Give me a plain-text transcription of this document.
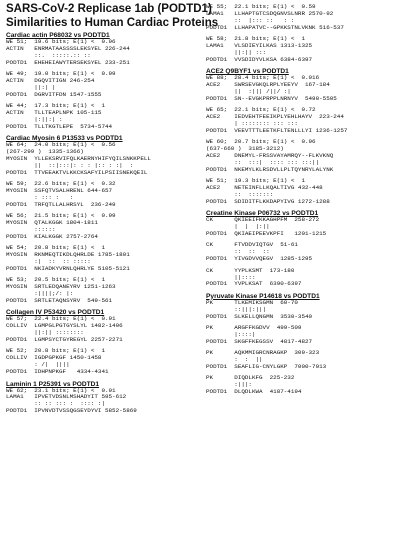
SARS-CoV-2 Replicase 1ab (PODTD1)
Similarities to Human Cardiac Proteins
Cardiac actin P68032 vs PODTD1
WE 51;  19.6 bits; E(1) <  0.96
ACTIN   ENRMATAASSSSLEKSYEL 226-244
::.  :::::.:: ::
PODTD1  EHEHEIAWYTERSEKSYEL 233-251
WE 49;  19.0 bits; E(1) <  0.99
ACTIN   DGQVITIGN 246-254
||:| |
PODTD1  DGRVITFDN 1547-1555
WE 44;  17.3 bits; E(1) <  1
ACTIN   TLLTEAPLNPK 105-115
|:||:| :
PODTD1  TLLTKGTLEPE  5734-5744
Cardiac Myosin 6 P13533 vs PODTD1
WE 64;  24.0 bits; E(1) <  0.56
(267-299 )  1335-1366)
MYOSIN  YLLEKSRVIFQLKAERNYHIFYQILSNKKPELL
||  ::|:::|: : : |:: : :|  :
PODTD1  TTVEEAKTVLKKCKSAFYILPSIISNEKQEIL
WE 59;  22.6 bits; E(1) <  0.32
MYOSIN  SSFQTVSALHRENL 644-657
: ::: :   :
PODTD1  TRFQTLLALHRSYL  236-249
WE 56;  21.5 bits; E(1) <  0.99
MYOSIN  QTALKGGK 1804-1811
::::::
PODTD1  KIALKGGK 2757-2764
WE 54;  20.8 bits; E(1) <  1
MYOSIN  RKNMEQTIKDLQHRLDE 1785-1801
:|  ::  :: :::::
PODTD1  NKIADKYVRNLQHRLYE 5105-5121
WE 53;  20.5 bits; E(1) <  1
MYOSIN  SRTLEDQANEYRV 1251-1263
:||||;/: |:
PODTD1  SRTLETAQNSYRV  549-561
Collagen IV P53420 vs PODTD1
WE 57;  22.4 bits; E(1) <  0.91
COLLIV  LGMPGLPGTGYSLYL 1482-1496
||:|| ::::::::
PODTD1  LGMPSYCTGYREGYL 2257-2271
WE 52;  20.8 bits; E(1) <  1
COLLIV  IGDPGPKGF 1450-1458
: /|  ||||
PODTD1  IDHPNPKGF   4334-4341
Laminin 1 P25391 vs PODTD1
WE 62;  23.1 bits; E(1) <  0.91
LAMA1   IPVETVDSNLMSHADYIT 595-612
:: :: ::: :  :::: :|
PODTD1  IPVNVDTVSSQGSEYDYVI 5852-5869
WE 55;  22.1 bits; E(1) <  0.59
LAMA1   LLHAPTGTCSDQGNVSLNRR 2570-92
::  |::: ::   : :
PODTD1  LLHAPATVC--GPKKSTNLVKNK 516-537
WE 58;  21.8 bits; E(1) <  1
LAMA1   VLSDIEYILKAS 1313-1325
||:|| :::
PODTD1  VVSDIDYVLKSA 6384-6397
ACE2 Q9BYF1 vs PODTD1
WE 88;  28.4 bits; E(1) <  0.016
ACE2    SWRSEVGKQLRPLYEEYV  167-184
||  :||| /||/ :|
PODTD1  SN--EVGKPRPPLNRNYV  5490-5505
WE 65;  22.1 bits; E(1) <  0.72
ACE2    IEDVEHTFEEIKPLYEHLHAYV  223-244
| :::::::: ::: :::
PODTD1  VEEVTTTLEETKFLTENLLLYI 1236-1257
WE 60;  20.7 bits; E(1) <  0.96
(637-660 )  3185-3212)
ACE2    DNEMYL-FRSSVAYAMRQY--FLKVKNQ
::  :::|  :::: ::: :::||
PODTD1  NKEMYLKLRSDVLLPLTQYNRYLALYNK
WE 51;  19.3 bits; E(1) <  1
ACE2    NETEINFLLKQALTIVG 432-448
::  :::::::
PODTD1  SDIDITFLKKDAPYIVG 1272-1288
Creatine Kinase P06732 vs PODTD1
CK      QKIEEIFKKAGHPFM  258-272
|  |  |:||
PODTD1  QKIAEIPEEVKPFI   1201-1215
CK      FTVDDVIQTGV  51-61
::  ::  ::
PODTD1  YIVGDVVQEGV  1285-1295
CK      YYPLKSMT  173-180
||::::
PODTD1  YVPLKSAT  6390-6397
Pyruvate Kinase P14618 vs PODTD1
PK      TLKEMIKSGMN  60-70
::|||:|||
PODTD1  SLKELLQNGMN  3530-3540
PK      ARGFFKGDVV  499-509
|::::|
PODTD1  SKGFFKEGSSV  4817-4827
PK      AQKMMIGRCNRAGKP  309-323
:  :  ||
PODTD1  SEAFLIG-CNYLGKP  7000-7013
PK      DIQDLKFG  225-232
:|||:
PODTD1  DLQDLKWA  4187-4194
